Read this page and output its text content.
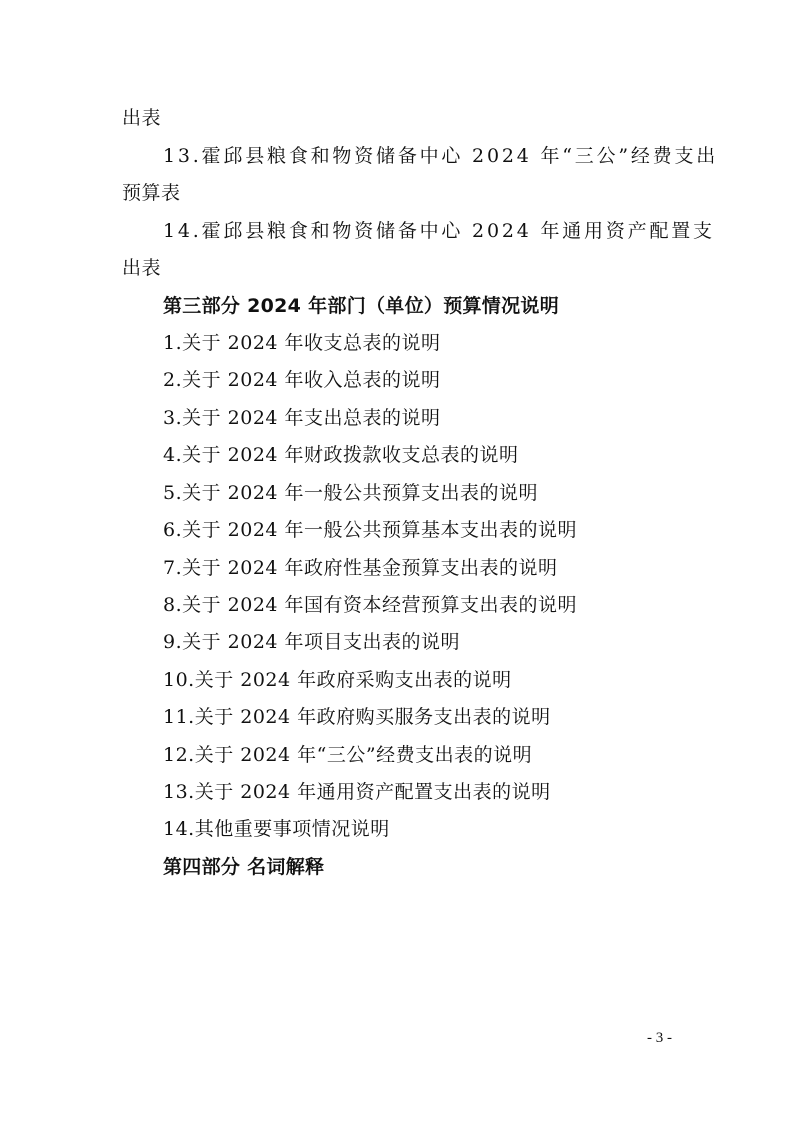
出表
13.霍邱县粮食和物资储备中心 2024 年“三公”经费支出
预算表
14.霍邱县粮食和物资储备中心 2024 年通用资产配置支
出表
第三部分 2024 年部门（单位）预算情况说明
1.关于 2024 年收支总表的说明
2.关于 2024 年收入总表的说明
3.关于 2024 年支出总表的说明
4.关于 2024 年财政拨款收支总表的说明
5.关于 2024 年一般公共预算支出表的说明
6.关于 2024 年一般公共预算基本支出表的说明
7.关于 2024 年政府性基金预算支出表的说明
8.关于 2024 年国有资本经营预算支出表的说明
9.关于 2024 年项目支出表的说明
10.关于 2024 年政府采购支出表的说明
11.关于 2024 年政府购买服务支出表的说明
12.关于 2024 年“三公”经费支出表的说明
13.关于 2024 年通用资产配置支出表的说明
14.其他重要事项情况说明
第四部分 名词解释
- 3 -
